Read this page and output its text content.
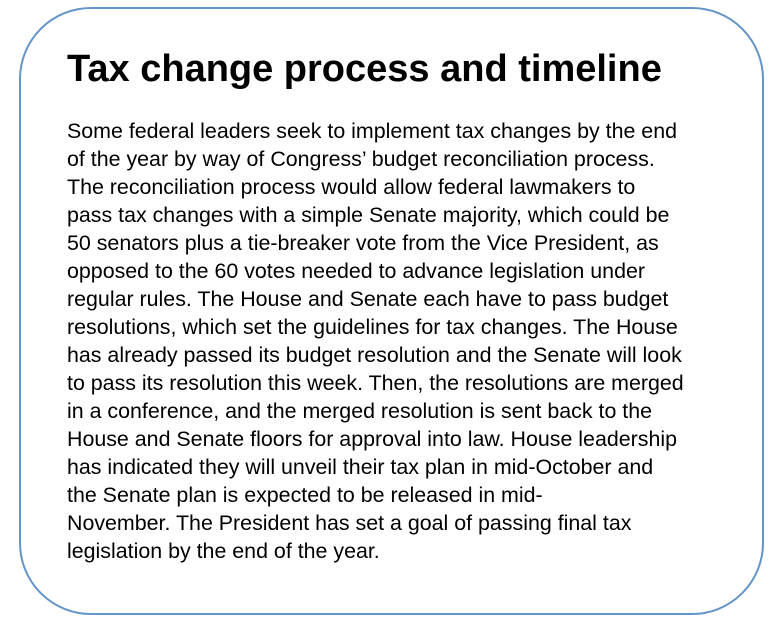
Tax change process and timeline

Some federal leaders seek to implement tax changes by the end
of the year by way of Congress’ budget reconciliation process.
The reconciliation process would allow federal lawmakers to
pass tax changes with a simple Senate majority, which could be
50 senators plus a tie-breaker vote from the Vice President, as
opposed to the 60 votes needed to advance legislation under
regular rules. The House and Senate each have to pass budget
resolutions, which set the guidelines for tax changes. The House
has already passed its budget resolution and the Senate will look
to pass its resolution this week. Then, the resolutions are merged
in a conference, and the merged resolution is sent back to the
House and Senate floors for approval into law. House leadership
has indicated they will unveil their tax plan in mid-October and
the Senate plan is expected to be released in mid-
November. The President has set a goal of passing final tax
legislation by the end of the year.
